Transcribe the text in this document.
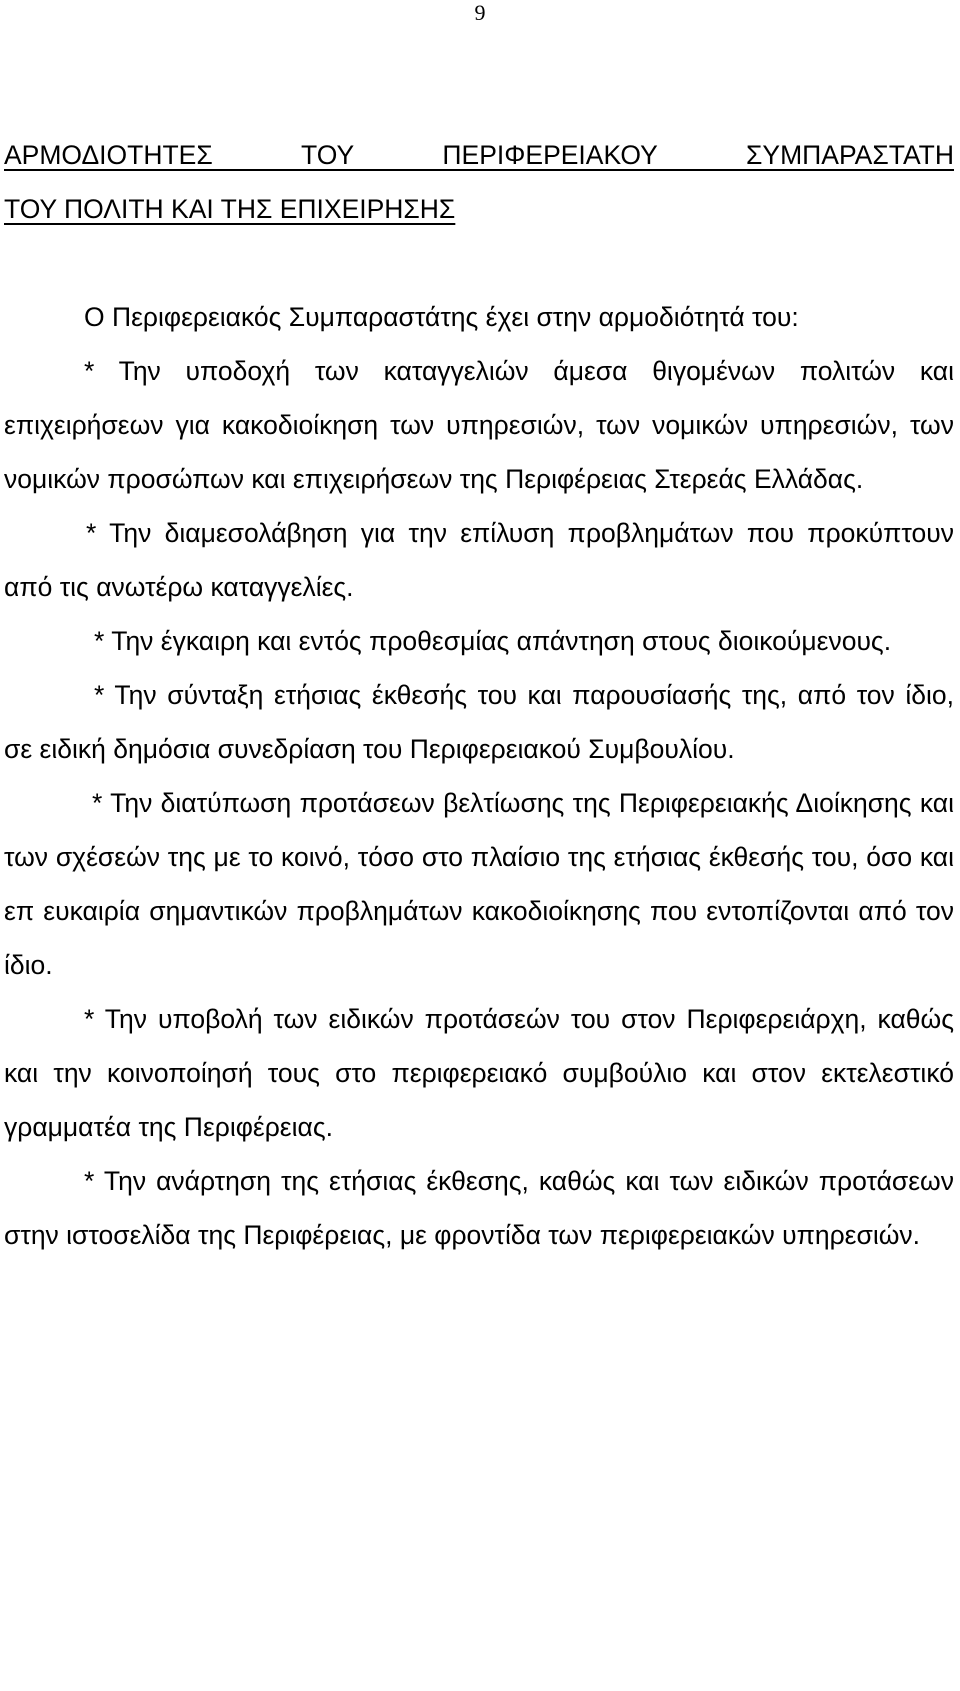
9
ΑΡΜΟΔΙΟΤΗΤΕΣ ΤΟΥ ΠΕΡΙΦΕΡΕΙΑΚΟΥ ΣΥΜΠΑΡΑΣΤΑΤΗ
ΤΟΥ ΠΟΛΙΤΗ ΚΑΙ ΤΗΣ ΕΠΙΧΕΙΡΗΣΗΣ

Ο Περιφερειακός Συμπαραστάτης έχει στην αρμοδιότητά του:

* Την υποδοχή των καταγγελιών άμεσα θιγομένων πολιτών και επιχειρήσεων για κακοδιοίκηση των υπηρεσιών, των νομικών υπηρεσιών, των νομικών προσώπων και επιχειρήσεων της Περιφέρειας Στερεάς Ελλάδας.

* Την διαμεσολάβηση για την επίλυση προβλημάτων που προκύπτουν από τις ανωτέρω καταγγελίες.

* Την έγκαιρη και εντός προθεσμίας απάντηση στους διοικούμενους.

* Την σύνταξη ετήσιας έκθεσής του και παρουσίασής της, από τον ίδιο, σε ειδική δημόσια συνεδρίαση του Περιφερειακού Συμβουλίου.

* Την διατύπωση προτάσεων βελτίωσης της Περιφερειακής Διοίκησης και των σχέσεών της με το κοινό, τόσο στο πλαίσιο της ετήσιας έκθεσής του, όσο και επ ευκαιρία σημαντικών προβλημάτων κακοδιοίκησης που εντοπίζονται από τον ίδιο.

* Την υποβολή των ειδικών προτάσεών του στον Περιφερειάρχη, καθώς και την κοινοποίησή τους στο περιφερειακό συμβούλιο και στον εκτελεστικό γραμματέα της Περιφέρειας.

* Την ανάρτηση της ετήσιας έκθεσης, καθώς και των ειδικών προτάσεων στην ιστοσελίδα της Περιφέρειας, με φροντίδα των περιφερειακών υπηρεσιών.
